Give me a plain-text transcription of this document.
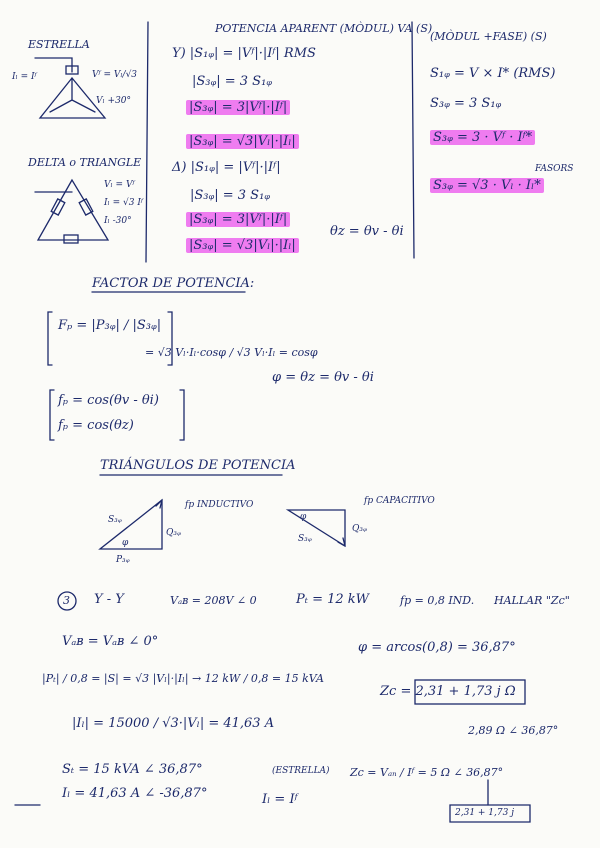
ESTRELLA
Iₗ = Iᶠ	Vᶠ = Vₗ/√3
Vₗ +30°
DELTA o TRIANGLE
Vₗ = Vᶠ
Iₗ = √3 Iᶠ
Iₗ -30°
POTENCIA APARENT (MÒDUL) VA (S)
Y) |S₁ᵩ| = |Vᶠ|·|Iᶠ| RMS
|S₃ᵩ| = 3 S₁ᵩ
|S₃ᵩ| = 3|Vᶠ|·|Iᶠ|
|S₃ᵩ| = √3|Vₗ|·|Iₗ|
Δ) |S₁ᵩ| = |Vᶠ|·|Iᶠ|
|S₃ᵩ| = 3 S₁ᵩ
|S₃ᵩ| = 3|Vᶠ|·|Iᶠ|
|S₃ᵩ| = √3|Vₗ|·|Iₗ|
θz = θv - θi
(MÒDUL +FASE) (S)
S₁ᵩ = V × I* (RMS)
S₃ᵩ = 3 S₁ᵩ
S₃ᵩ = 3 · Vᶠ · Iᶠ*
FASORS
S₃ᵩ = √3 · Vₗ · Iₗ*
FACTOR DE POTENCIA:
Fₚ = |P₃ᵩ| / |S₃ᵩ|
= √3 Vₗ·Iₗ·cosφ / √3 Vₗ·Iₗ = cosφ
φ = θz = θv - θi
fₚ = cos(θv - θi)
fₚ = cos(θz)
TRIÁNGULOS DE POTENCIA
fp INDUCTIVO
S₃ᵩ
Q₃ᵩ
P₃ᵩ
φ
fp CAPACITIVO
S₃ᵩ
Q₃ᵩ
φ
3 Y - Y	Vₐʙ = 208V ∠ 0	Pₜ = 12 kW	fp = 0,8 IND. HALLAR "Zc"
Vₐʙ = Vₐʙ ∠ 0°	φ = arcos(0,8) = 36,87°
|Pₜ| / 0,8 = |S| = √3 |Vₗ|·|Iₗ| → 12 kW / 0,8 = 15 kVA
Zc = 2,31 + 1,73 j Ω
|Iₗ| = 15000 / √3·|Vₗ| = 41,63 A	2,89 Ω ∠ 36,87°
Sₜ = 15 kVA ∠ 36,87°	(ESTRELLA) Zc = Vₐₙ / Iᶠ = 5 Ω ∠ 36,87°
Iₗ = 41,63 A ∠ -36,87°	Iₗ = Iᶠ
2,31 + 1,73 j
